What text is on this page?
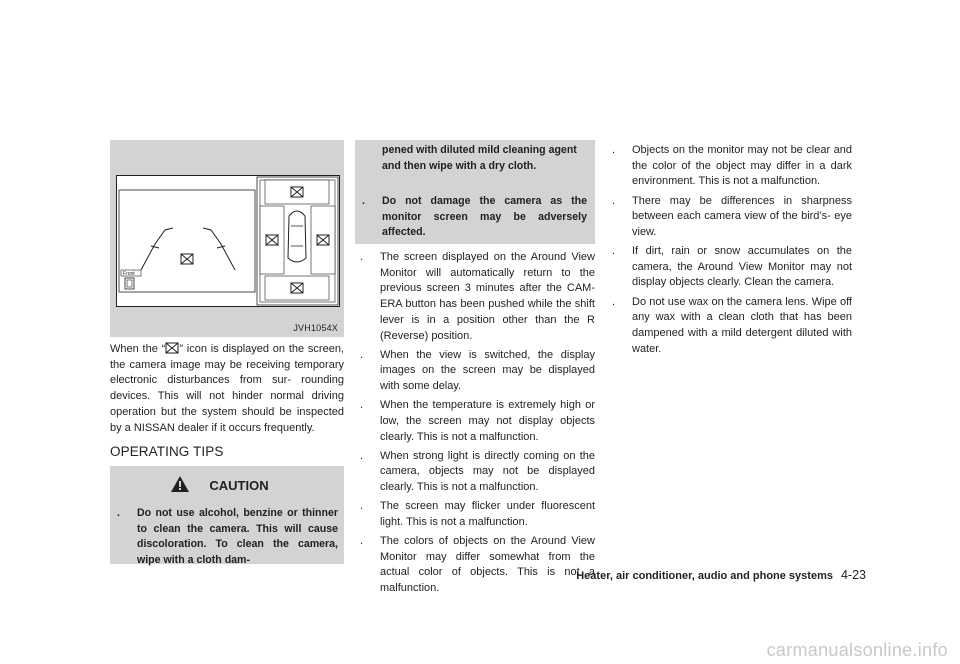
Front
JVH1054X

When the “ ” icon is displayed on the screen, the camera image may be receiving temporary electronic disturbances from sur- rounding devices. This will not hinder normal driving operation but the system should be inspected by a NISSAN dealer if it occurs frequently.

OPERATING TIPS
CAUTION
. Do not use alcohol, benzine or thinner to clean the camera. This will cause discoloration. To clean the camera, wipe with a cloth dam-
pened with diluted mild cleaning agent and then wipe with a dry cloth.
. Do not damage the camera as the monitor screen may be adversely affected.
. The screen displayed on the Around View Monitor will automatically return to the previous screen 3 minutes after the CAM- ERA button has been pushed while the shift lever is in a position other than the R (Reverse) position.
. When the view is switched, the display images on the screen may be displayed with some delay.
. When the temperature is extremely high or low, the screen may not display objects clearly. This is not a malfunction.
. When strong light is directly coming on the camera, objects may not be displayed clearly. This is not a malfunction.
. The screen may flicker under fluorescent light. This is not a malfunction.
. The colors of objects on the Around View Monitor may differ somewhat from the actual color of objects. This is not a malfunction.
. Objects on the monitor may not be clear and the color of the object may differ in a dark environment. This is not a malfunction.
. There may be differences in sharpness between each camera view of the bird’s- eye view.
. If dirt, rain or snow accumulates on the camera, the Around View Monitor may not display objects clearly. Clean the camera.
. Do not use wax on the camera lens. Wipe off any wax with a clean cloth that has been dampened with a mild detergent diluted with water.
Heater, air conditioner, audio and phone systems 4-23
carmanualsonline.info
